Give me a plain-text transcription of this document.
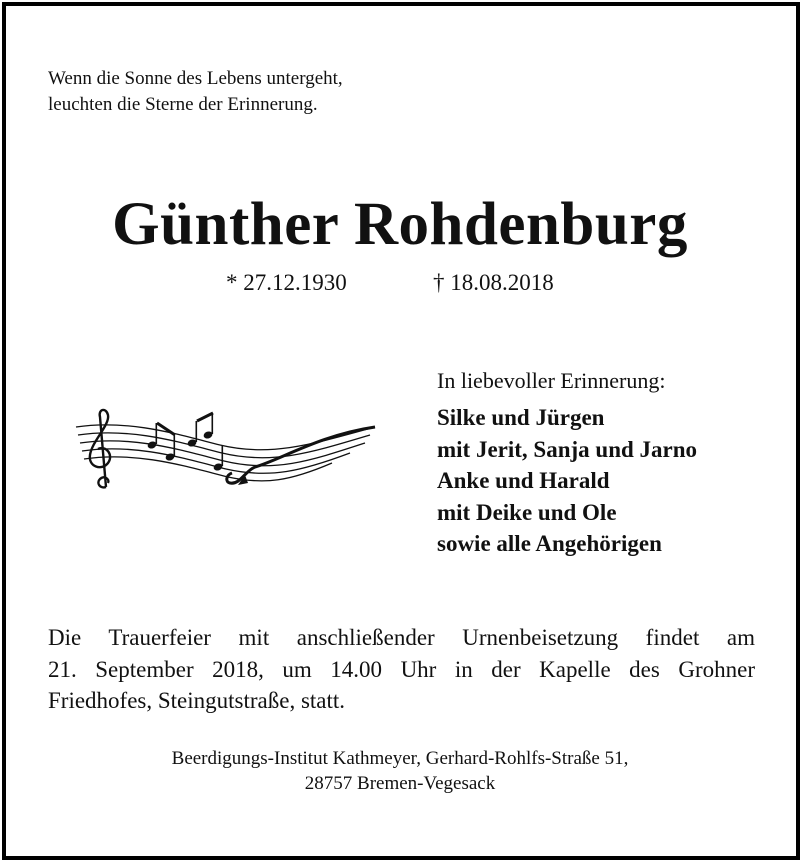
Wenn die Sonne des Lebens untergeht,
leuchten die Sterne der Erinnerung.
Günther Rohdenburg
* 27.12.1930	† 18.08.2018
In liebevoller Erinnerung:
Silke und Jürgen
mit Jerit, Sanja und Jarno
Anke und Harald
mit Deike und Ole
sowie alle Angehörigen
Die Trauerfeier mit anschließender Urnenbeisetzung findet am
21. September 2018, um 14.00 Uhr in der Kapelle des Grohner
Friedhofes, Steingutstraße, statt.
Beerdigungs-Institut Kathmeyer, Gerhard-Rohlfs-Straße 51,
28757 Bremen-Vegesack
